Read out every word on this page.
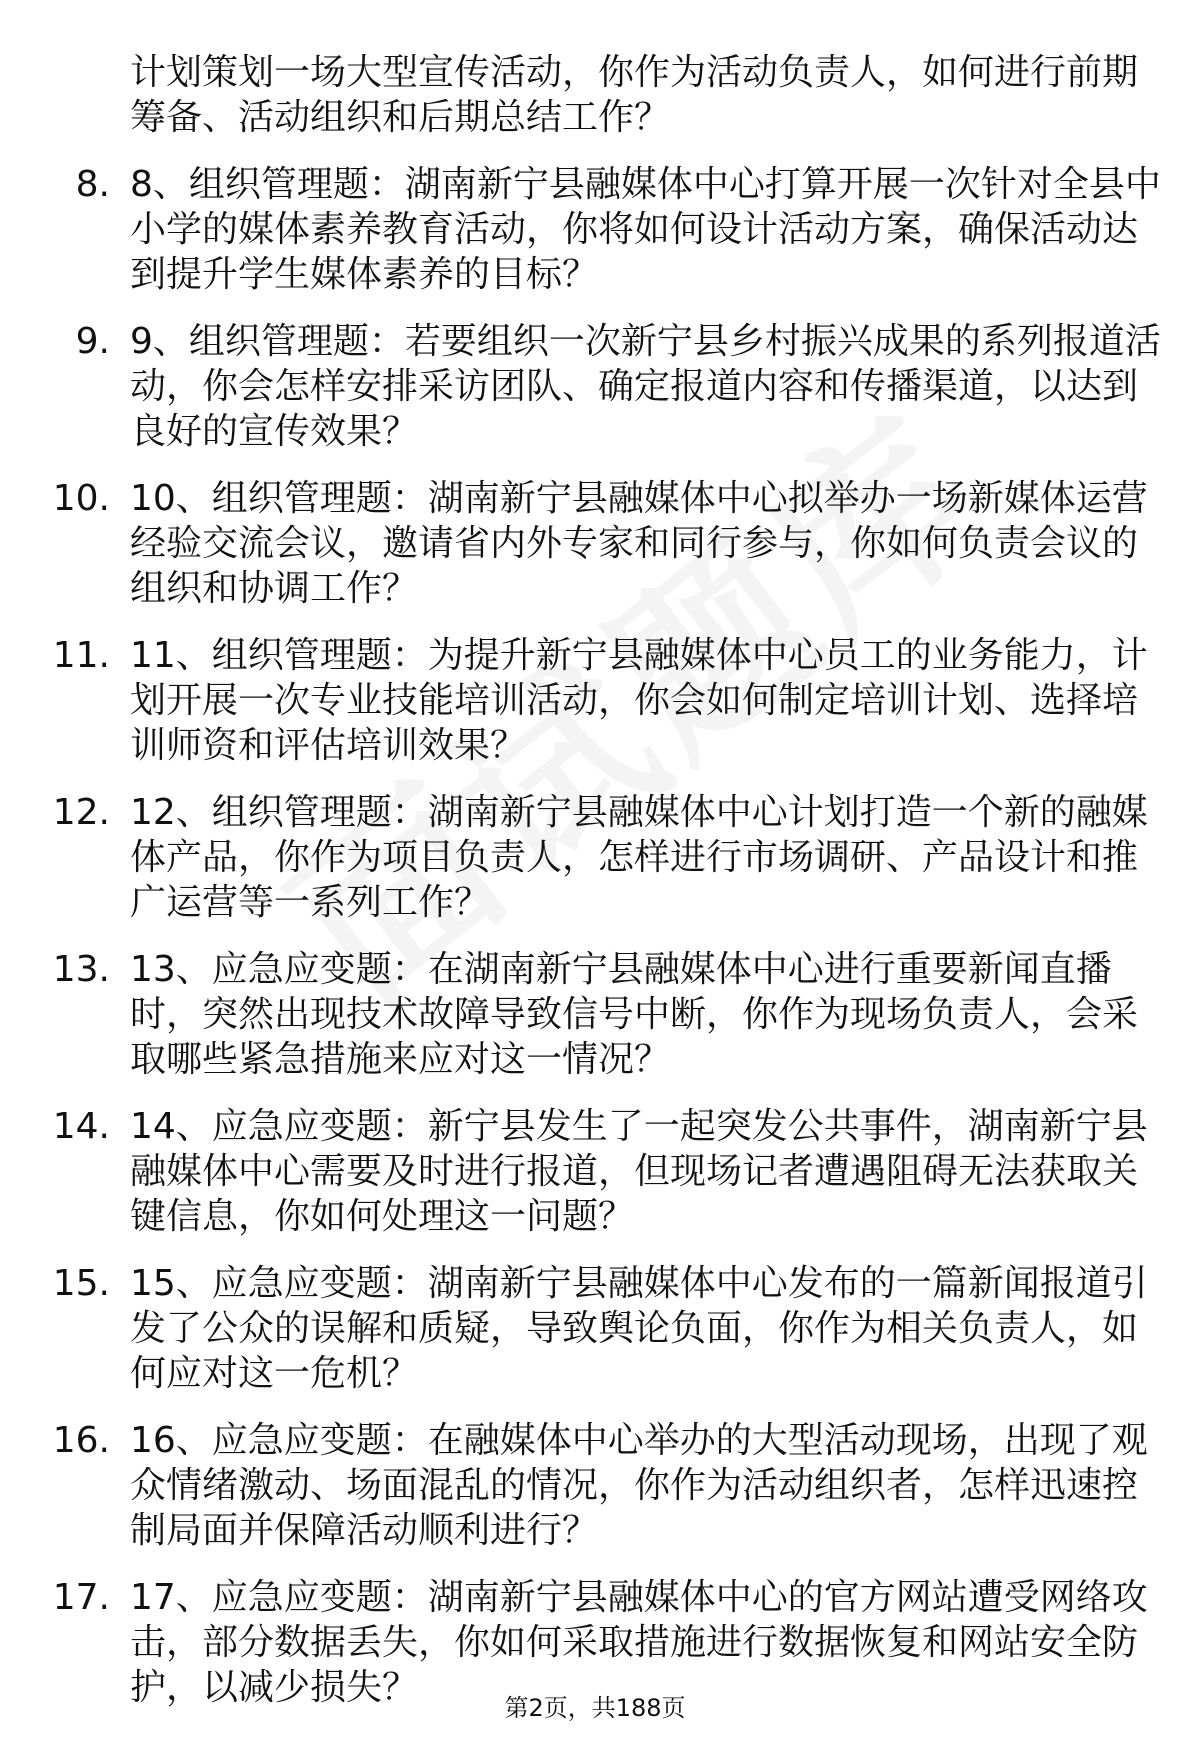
计划策划一场大型宣传活动，你作为活动负责人，如何进行前期
筹备、活动组织和后期总结工作？
8. 8、组织管理题：湖南新宁县融媒体中心打算开展一次针对全县中
小学的媒体素养教育活动，你将如何设计活动方案，确保活动达
到提升学生媒体素养的目标？
9. 9、组织管理题：若要组织一次新宁县乡村振兴成果的系列报道活
动，你会怎样安排采访团队、确定报道内容和传播渠道，以达到
良好的宣传效果？
10. 10、组织管理题：湖南新宁县融媒体中心拟举办一场新媒体运营
经验交流会议，邀请省内外专家和同行参与，你如何负责会议的
组织和协调工作？
11. 11、组织管理题：为提升新宁县融媒体中心员工的业务能力，计
划开展一次专业技能培训活动，你会如何制定培训计划、选择培
训师资和评估培训效果？
12. 12、组织管理题：湖南新宁县融媒体中心计划打造一个新的融媒
体产品，你作为项目负责人，怎样进行市场调研、产品设计和推
广运营等一系列工作？
13. 13、应急应变题：在湖南新宁县融媒体中心进行重要新闻直播
时，突然出现技术故障导致信号中断，你作为现场负责人，会采
取哪些紧急措施来应对这一情况？
14. 14、应急应变题：新宁县发生了一起突发公共事件，湖南新宁县
融媒体中心需要及时进行报道，但现场记者遭遇阻碍无法获取关
键信息，你如何处理这一问题？
15. 15、应急应变题：湖南新宁县融媒体中心发布的一篇新闻报道引
发了公众的误解和质疑，导致舆论负面，你作为相关负责人，如
何应对这一危机？
16. 16、应急应变题：在融媒体中心举办的大型活动现场，出现了观
众情绪激动、场面混乱的情况，你作为活动组织者，怎样迅速控
制局面并保障活动顺利进行？
17. 17、应急应变题：湖南新宁县融媒体中心的官方网站遭受网络攻
击，部分数据丢失，你如何采取措施进行数据恢复和网站安全防
护，以减少损失？	第2页，共188页
